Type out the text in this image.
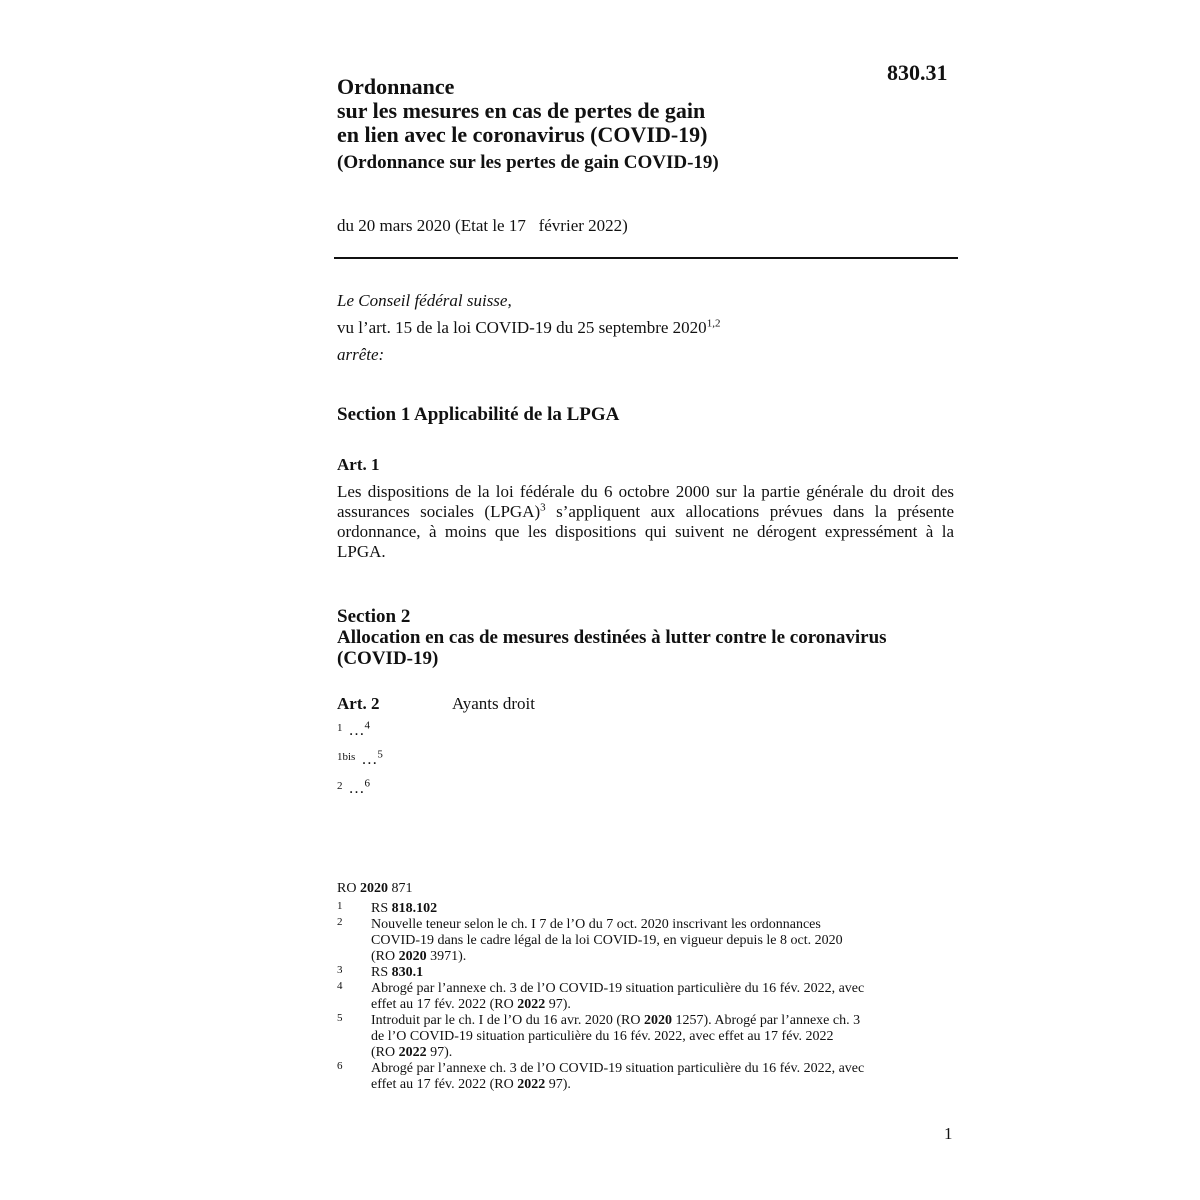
830.31
Ordonnance
sur les mesures en cas de pertes de gain
en lien avec le coronavirus (COVID-19)
(Ordonnance sur les pertes de gain COVID-19)
du 20 mars 2020 (Etat le 17   février 2022)
Le Conseil fédéral suisse,
vu l’art. 15 de la loi COVID-19 du 25 septembre 2020$^{1,2}$
arrête:
Section 1 Applicabilité de la LPGA
Art. 1
Les dispositions de la loi fédérale du 6 octobre 2000 sur la partie générale du droit des assurances sociales (LPGA)$^3$ s’appliquent aux allocations prévues dans la présente ordonnance, à moins que les dispositions qui suivent ne dérogent expressément à la LPGA.
Section 2
Allocation en cas de mesures destinées à lutter contre le coronavirus
(COVID-19)
Art. 2	Ayants droit
$^1$ …$^4$
$^{1bis}$ …$^5$
$^2$ …$^6$
RO 2020 871
1 RS 818.102
2 Nouvelle teneur selon le ch. I 7 de l’O du 7 oct. 2020 inscrivant les ordonnances
COVID-19 dans le cadre légal de la loi COVID-19, en vigueur depuis le 8 oct. 2020
(RO 2020 3971).
3 RS 830.1
4 Abrogé par l’annexe ch. 3 de l’O COVID-19 situation particulière du 16 fév. 2022, avec
effet au 17 fév. 2022 (RO 2022 97).
5 Introduit par le ch. I de l’O du 16 avr. 2020 (RO 2020 1257). Abrogé par l’annexe ch. 3
de l’O COVID-19 situation particulière du 16 fév. 2022, avec effet au 17 fév. 2022
(RO 2022 97).
6 Abrogé par l’annexe ch. 3 de l’O COVID-19 situation particulière du 16 fév. 2022, avec
effet au 17 fév. 2022 (RO 2022 97).
1
